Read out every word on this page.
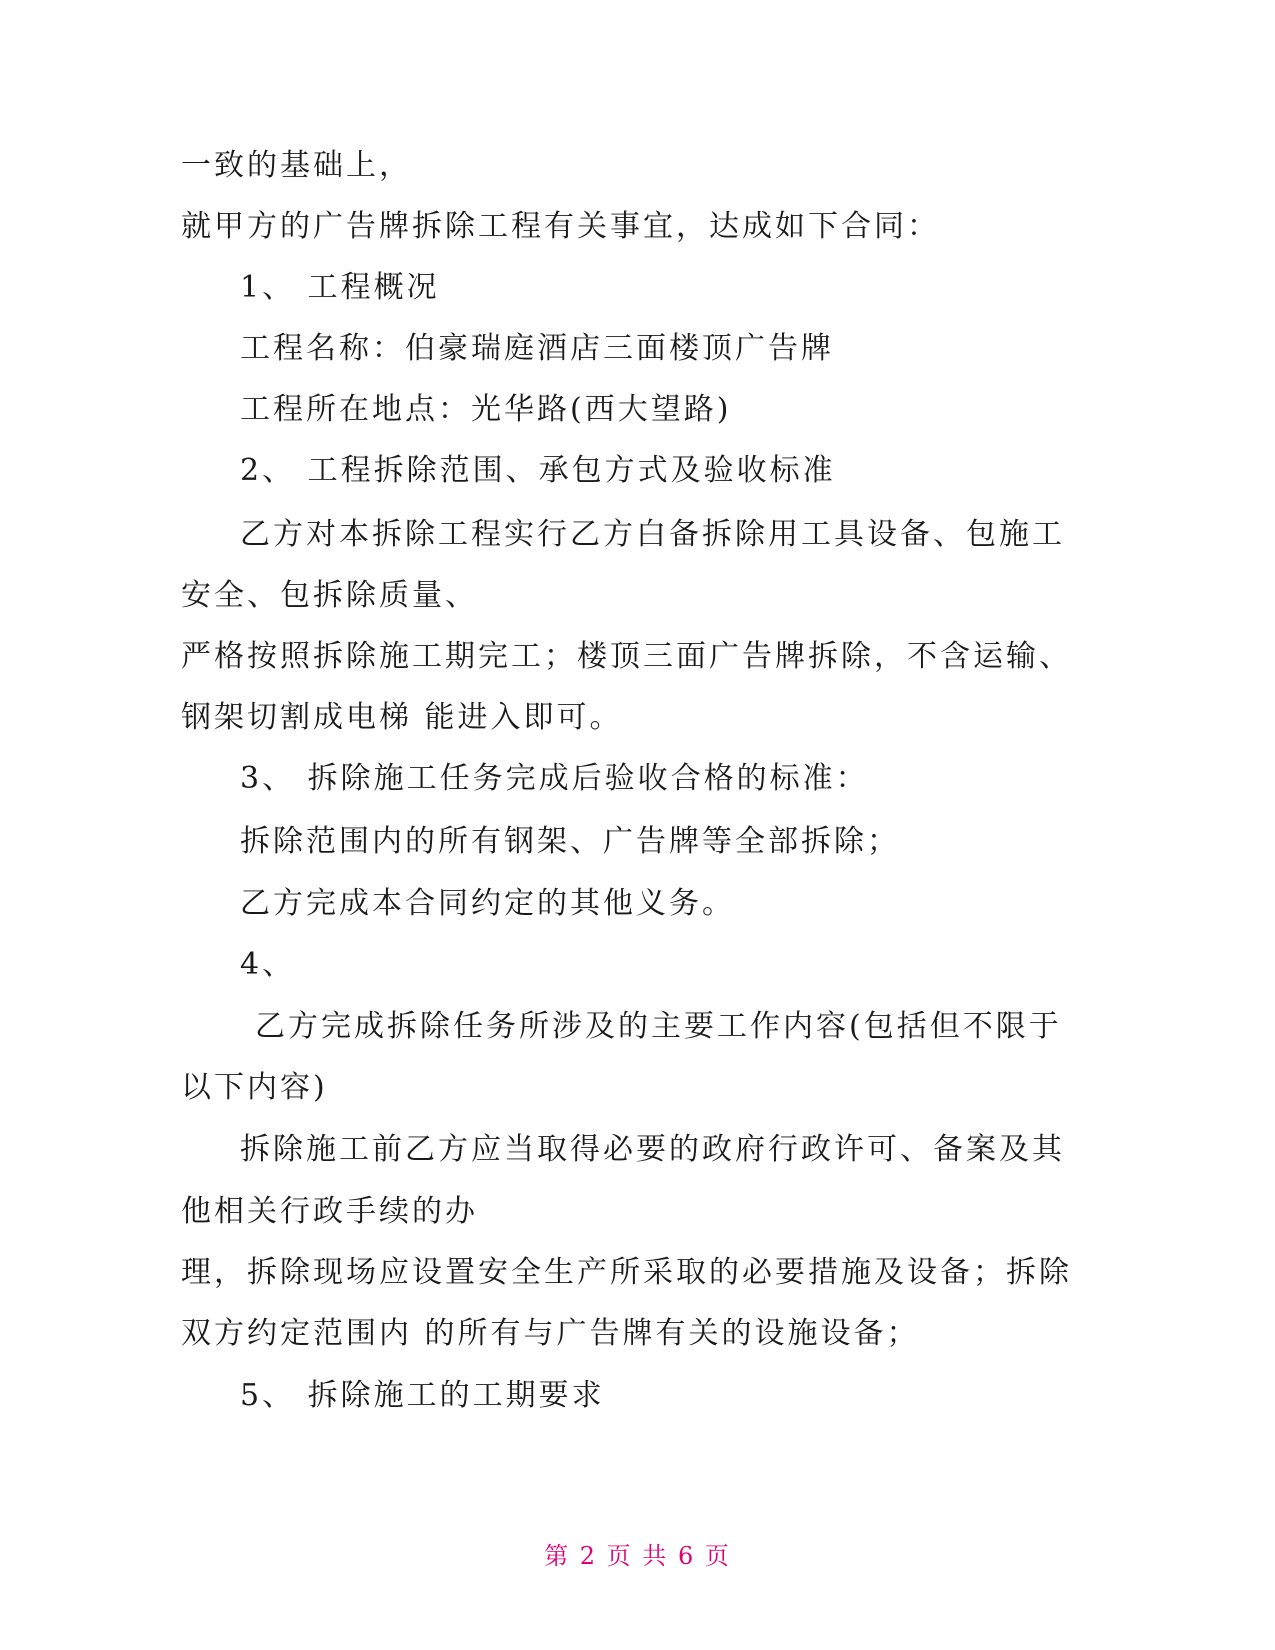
一致的基础上，
就甲方的广告牌拆除工程有关事宜，达成如下合同：
1、 工程概况
工程名称：伯豪瑞庭酒店三面楼顶广告牌
工程所在地点：光华路(西大望路)
2、 工程拆除范围、承包方式及验收标准
乙方对本拆除工程实行乙方白备拆除用工具设备、包施工
安全、包拆除质量、
严格按照拆除施工期完工；楼顶三面广告牌拆除，不含运输、
钢架切割成电梯 能进入即可。
3、 拆除施工任务完成后验收合格的标准：
拆除范围内的所有钢架、广告牌等全部拆除；
乙方完成本合同约定的其他义务。
4、
乙方完成拆除任务所涉及的主要工作内容(包括但不限于
以下内容)
拆除施工前乙方应当取得必要的政府行政许可、备案及其
他相关行政手续的办
理，拆除现场应设置安全生产所采取的必要措施及设备；拆除
双方约定范围内 的所有与广告牌有关的设施设备；
5、 拆除施工的工期要求
第 2 页 共 6 页
